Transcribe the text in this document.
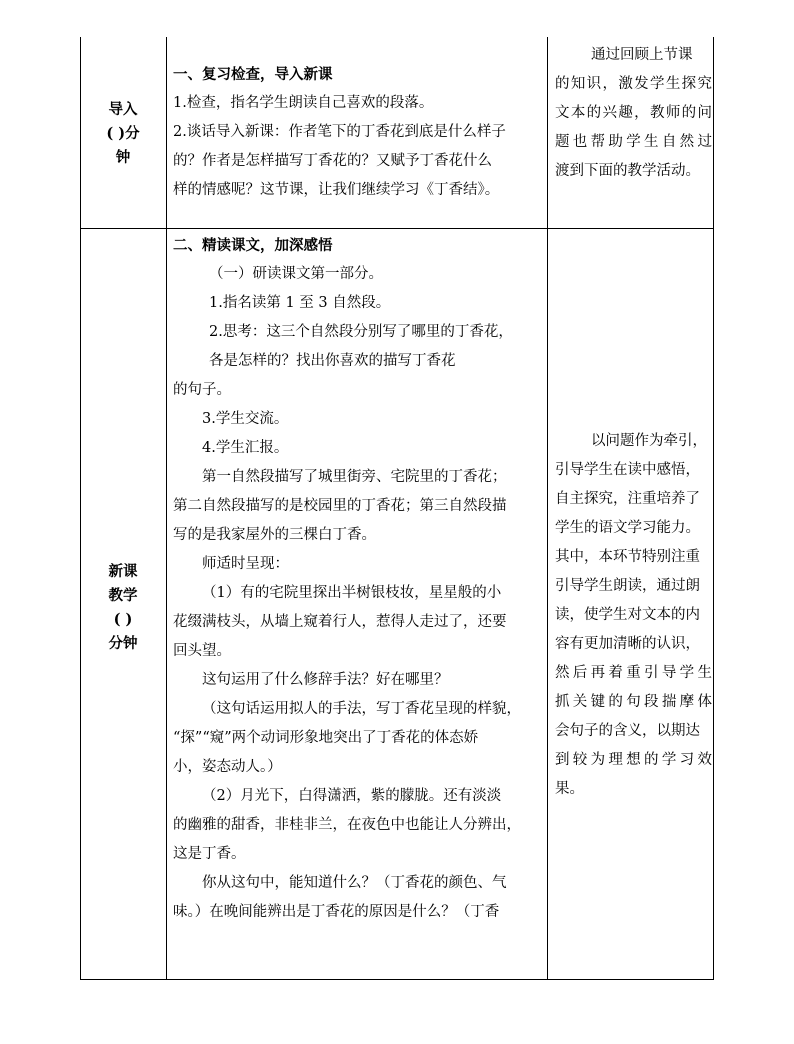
导入
( )分
钟
一、复习检查，导入新课
1.检查，指名学生朗读自己喜欢的段落。
2.谈话导入新课：作者笔下的丁香花到底是什么样子
的？作者是怎样描写丁香花的？又赋予丁香花什么
样的情感呢？这节课，让我们继续学习《丁香结》。
通过回顾上节课
的知识，激发学生探究
文本的兴趣，教师的问
题也帮助学生自然过
渡到下面的教学活动。
二、精读课文，加深感悟
（一）研读课文第一部分。
1.指名读第 1 至 3 自然段。
2.思考：这三个自然段分别写了哪里的丁香花，
各是怎样的？找出你喜欢的描写丁香花
的句子。
3.学生交流。
4.学生汇报。
第一自然段描写了城里街旁、宅院里的丁香花；
第二自然段描写的是校园里的丁香花；第三自然段描
写的是我家屋外的三棵白丁香。
师适时呈现：
（1）有的宅院里探出半树银枝妆，星星般的小
花缀满枝头，从墙上窥着行人，惹得人走过了，还要
回头望。
这句运用了什么修辞手法？好在哪里？
（这句话运用拟人的手法，写丁香花呈现的样貌，
“探”“窥”两个动词形象地突出了丁香花的体态娇
小，姿态动人。）
（2）月光下，白得潇洒，紫的朦胧。还有淡淡
的幽雅的甜香，非桂非兰，在夜色中也能让人分辨出，
这是丁香。
你从这句中，能知道什么？（丁香花的颜色、气
味。）在晚间能辨出是丁香花的原因是什么？（丁香
新课
教学
( )
分钟
以问题作为牵引，
引导学生在读中感悟，
自主探究，注重培养了
学生的语文学习能力。
其中，本环节特别注重
引导学生朗读，通过朗
读，使学生对文本的内
容有更加清晰的认识，
然后再着重引导学生
抓关键的句段揣摩体
会句子的含义，以期达
到较为理想的学习效
果。
